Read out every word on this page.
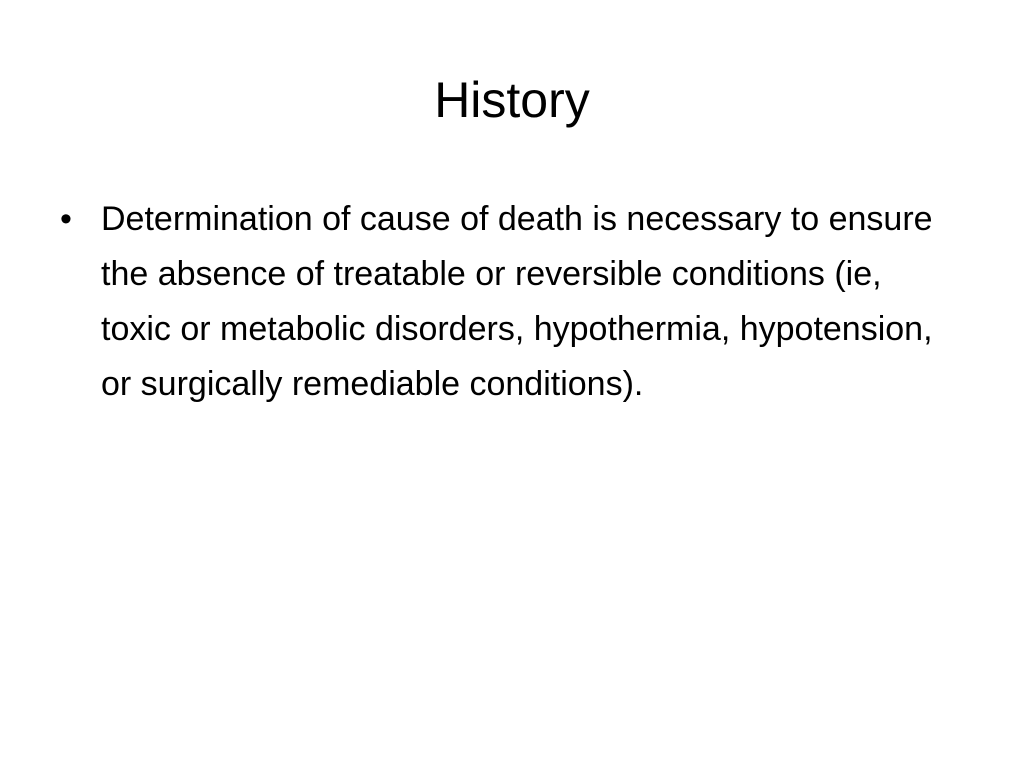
History
• Determination of cause of death is necessary to ensure the absence of treatable or reversible conditions (ie, toxic or metabolic disorders, hypothermia, hypotension, or surgically remediable conditions).
